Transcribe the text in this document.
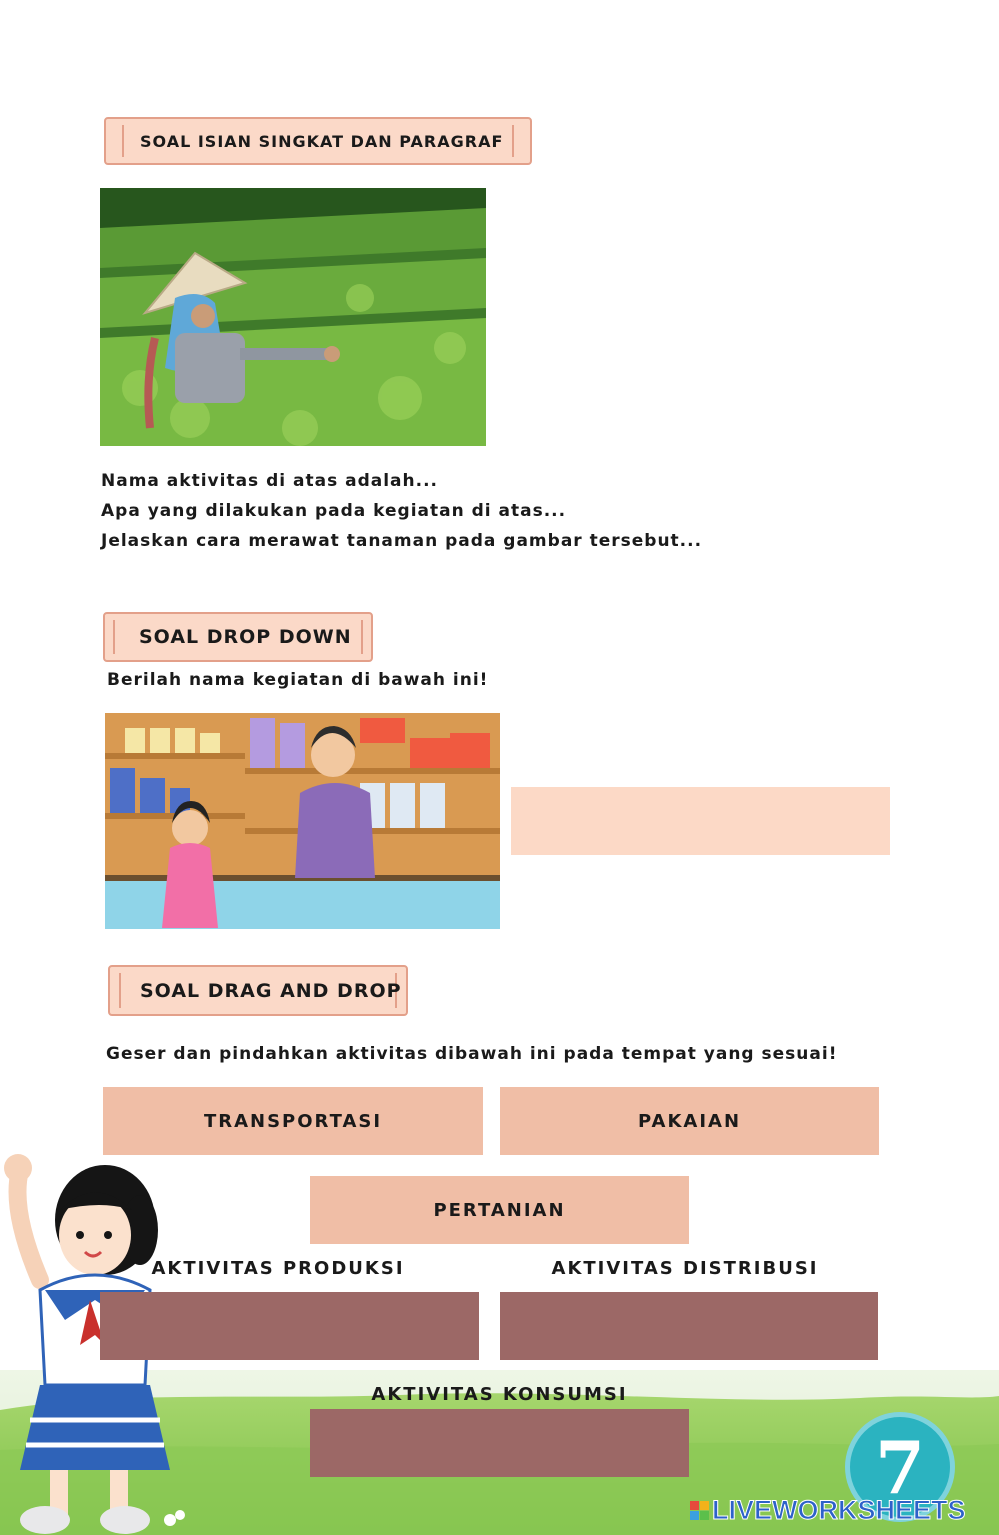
SOAL ISIAN SINGKAT DAN PARAGRAF
Nama aktivitas di atas adalah...
Apa yang dilakukan pada kegiatan di atas...
Jelaskan cara merawat tanaman pada gambar tersebut...
SOAL DROP DOWN
Berilah nama kegiatan di bawah ini!
SOAL DRAG AND DROP
Geser dan pindahkan aktivitas dibawah ini pada tempat yang sesuai!
TRANSPORTASI	PAKAIAN
PERTANIAN
AKTIVITAS PRODUKSI	AKTIVITAS DISTRIBUSI
AKTIVITAS KONSUMSI
7
LIVEWORKSHEETS
